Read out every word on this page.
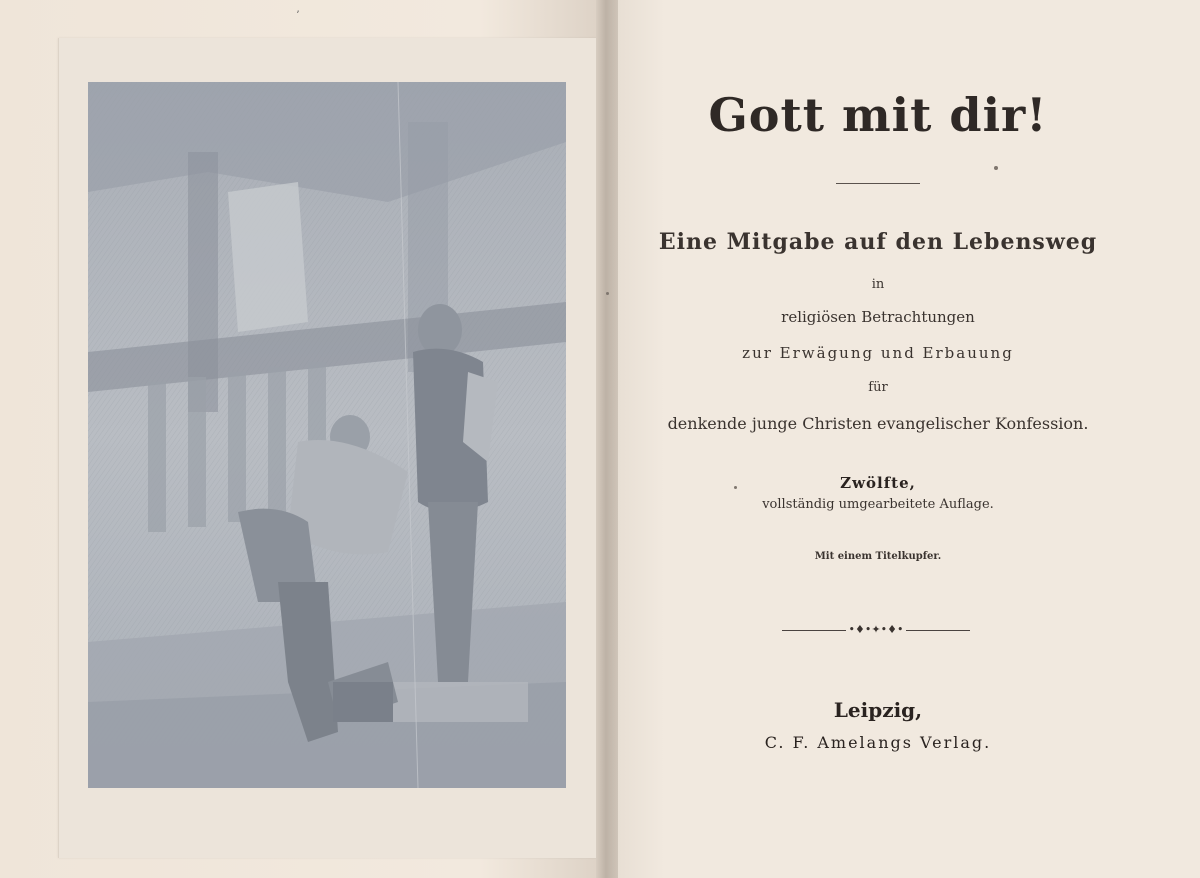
ʼ
Gott mit dir!
Eine Mitgabe auf den Lebensweg
in
religiösen Betrachtungen
zur Erwägung und Erbauung
für
denkende junge Christen evangelischer Konfession.
Zwölfte,
vollständig umgearbeitete Auflage.
Mit einem Titelkupfer.
•♦•✦•♦•
Leipzig,
C. F. Amelangs Verlag.
